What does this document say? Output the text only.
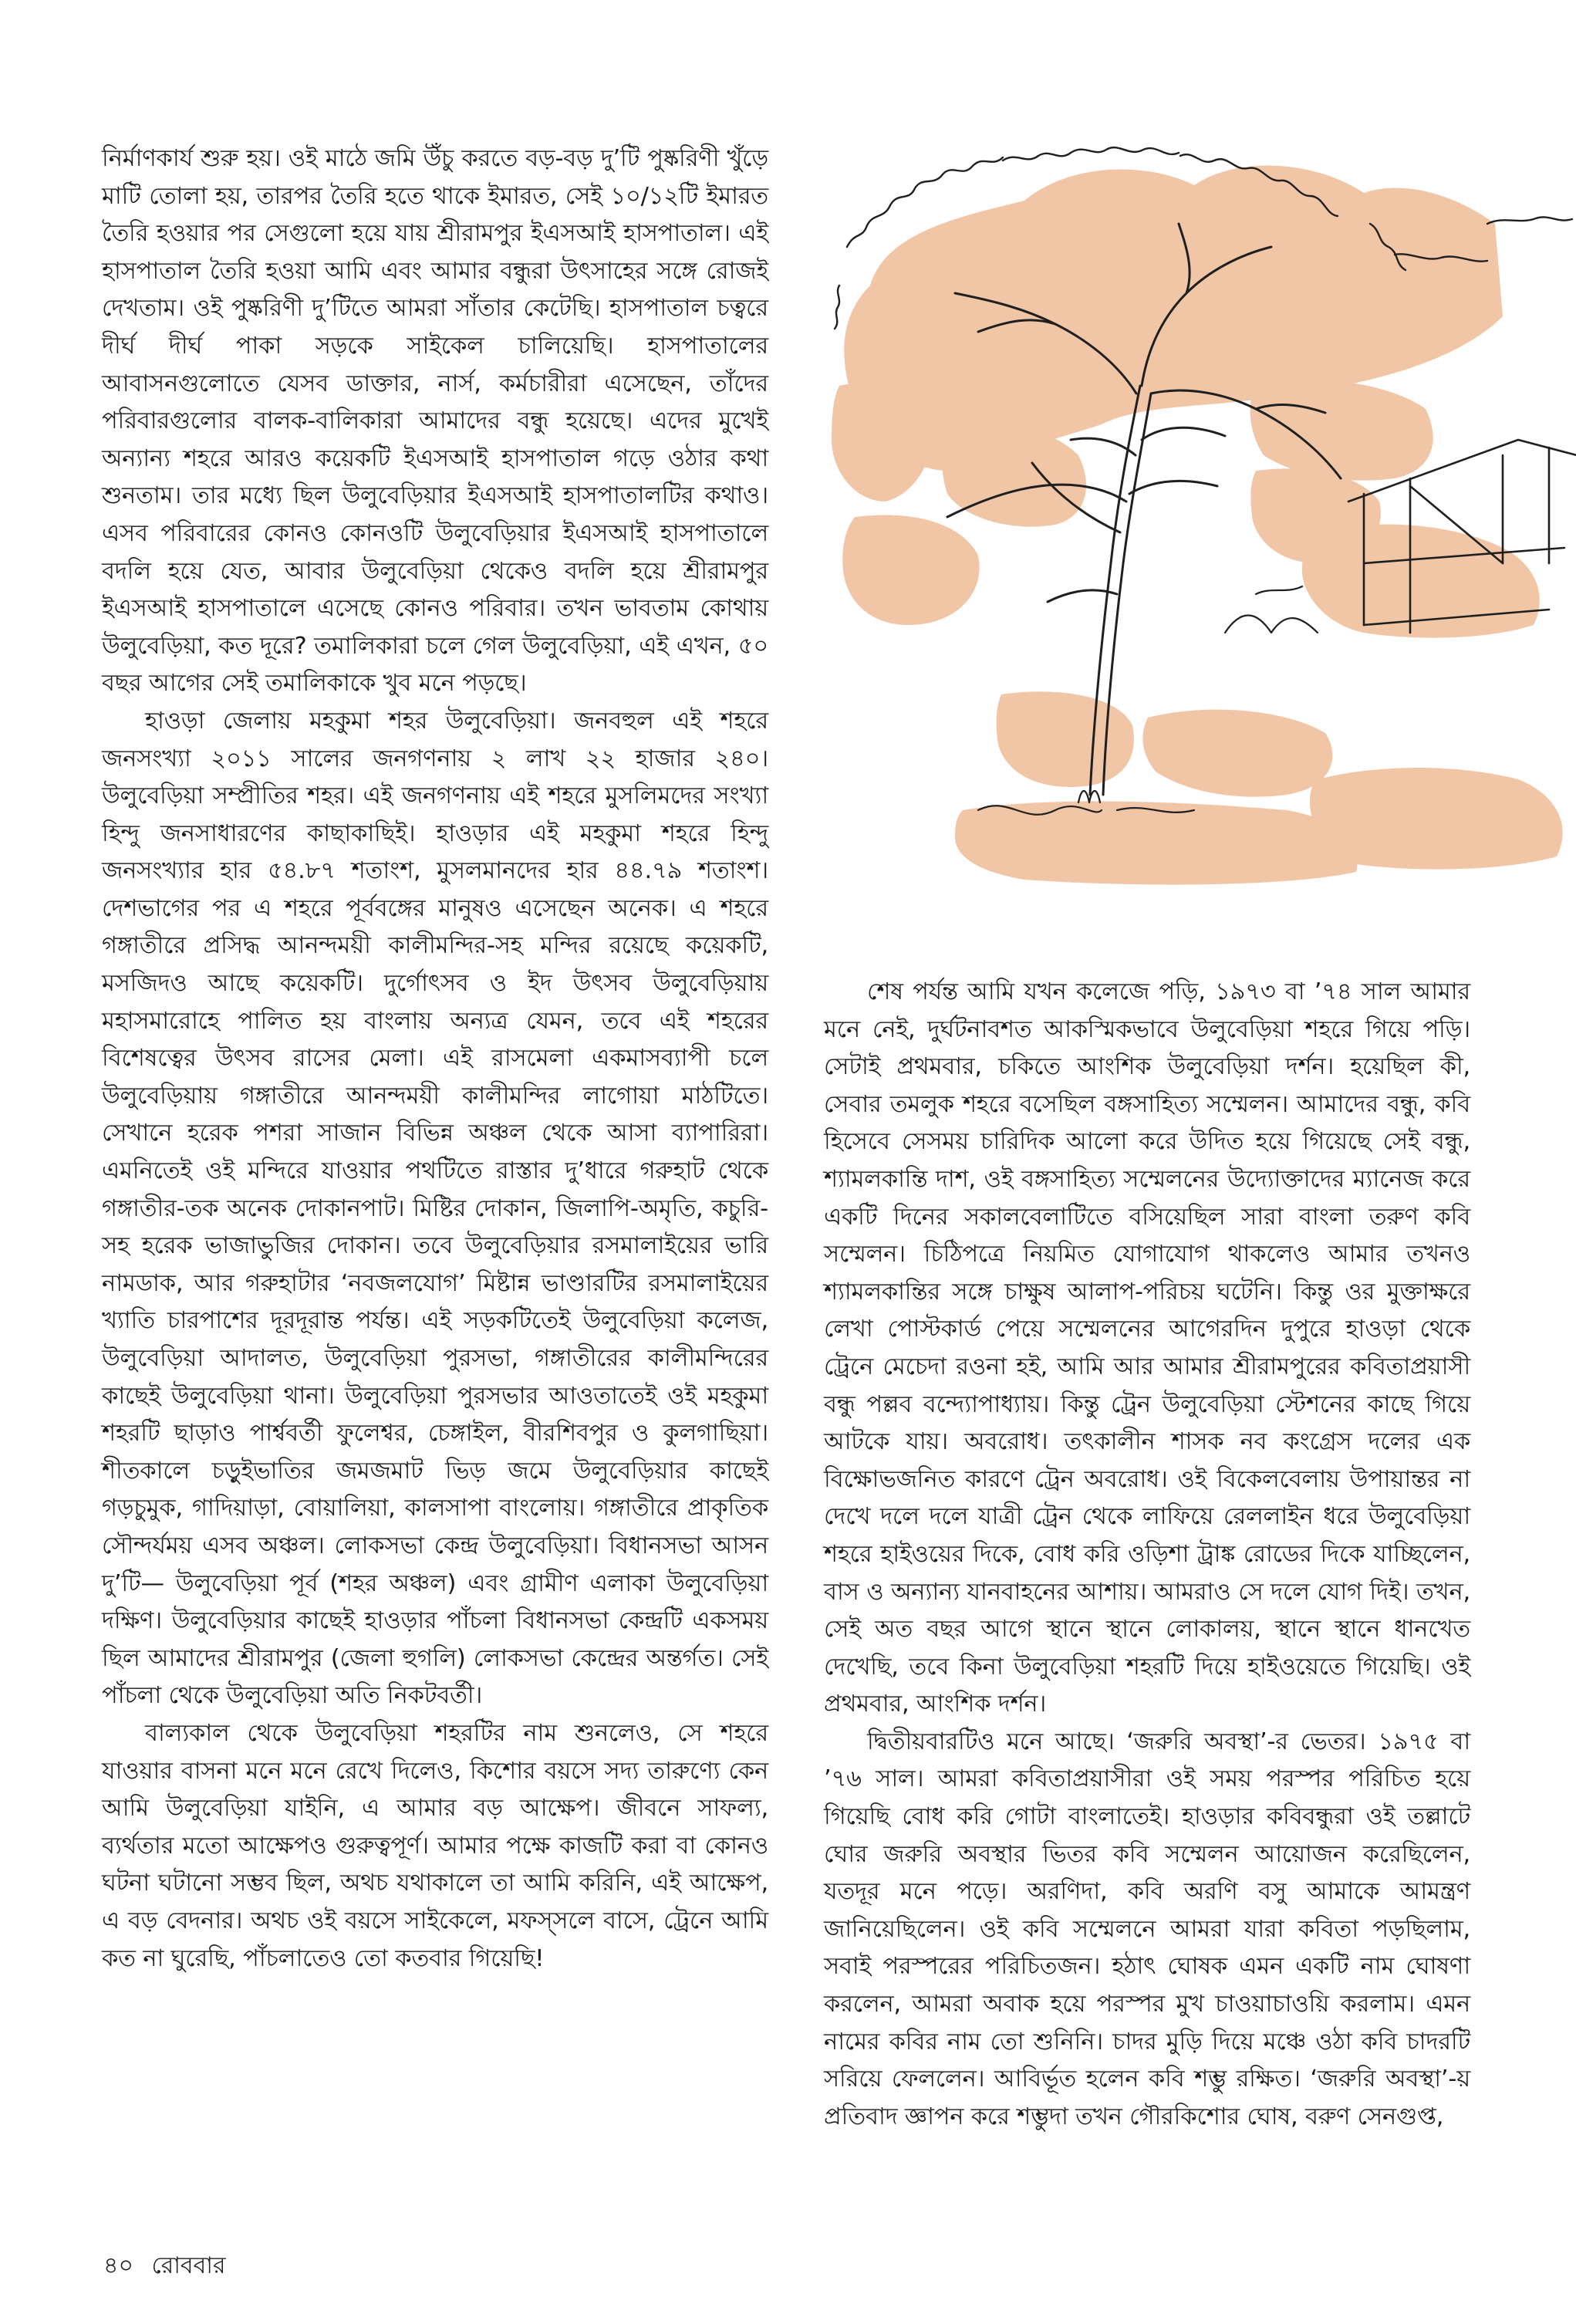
নির্মাণকার্য শুরু হয়। ওই মাঠে জমি উঁচু করতে বড়-বড় দু’টি পুষ্করিণী খুঁড়ে মাটি তোলা হয়, তারপর তৈরি হতে থাকে ইমারত, সেই ১০/১২টি ইমারত তৈরি হওয়ার পর সেগুলো হয়ে যায় শ্রীরামপুর ইএসআই হাসপাতাল। এই হাসপাতাল তৈরি হওয়া আমি এবং আমার বন্ধুরা উৎসাহের সঙ্গে রোজই দেখতাম। ওই পুষ্করিণী দু’টিতে আমরা সাঁতার কেটেছি। হাসপাতাল চত্বরে দীর্ঘ দীর্ঘ পাকা সড়কে সাইকেল চালিয়েছি। হাসপাতালের আবাসনগুলোতে যেসব ডাক্তার, নার্স, কর্মচারীরা এসেছেন, তাঁদের পরিবারগুলোর বালক-বালিকারা আমাদের বন্ধু হয়েছে। এদের মুখেই অন্যান্য শহরে আরও কয়েকটি ইএসআই হাসপাতাল গড়ে ওঠার কথা শুনতাম। তার মধ্যে ছিল উলুবেড়িয়ার ইএসআই হাসপাতালটির কথাও। এসব পরিবারের কোনও কোনওটি উলুবেড়িয়ার ইএসআই হাসপাতালে বদলি হয়ে যেত, আবার উলুবেড়িয়া থেকেও বদলি হয়ে শ্রীরামপুর ইএসআই হাসপাতালে এসেছে কোনও পরিবার। তখন ভাবতাম কোথায় উলুবেড়িয়া, কত দূরে? তমালিকারা চলে গেল উলুবেড়িয়া, এই এখন, ৫০ বছর আগের সেই তমালিকাকে খুব মনে পড়ছে।

হাওড়া জেলায় মহকুমা শহর উলুবেড়িয়া। জনবহুল এই শহরে জনসংখ্যা ২০১১ সালের জনগণনায় ২ লাখ ২২ হাজার ২৪০। উলুবেড়িয়া সম্প্রীতির শহর। এই জনগণনায় এই শহরে মুসলিমদের সংখ্যা হিন্দু জনসাধারণের কাছাকাছিই। হাওড়ার এই মহকুমা শহরে হিন্দু জনসংখ্যার হার ৫৪.৮৭ শতাংশ, মুসলমানদের হার ৪৪.৭৯ শতাংশ। দেশভাগের পর এ শহরে পূর্ববঙ্গের মানুষও এসেছেন অনেক। এ শহরে গঙ্গাতীরে প্রসিদ্ধ আনন্দময়ী কালীমন্দির-সহ মন্দির রয়েছে কয়েকটি, মসজিদও আছে কয়েকটি। দুর্গোৎসব ও ইদ উৎসব উলুবেড়িয়ায় মহাসমারোহে পালিত হয় বাংলায় অন্যত্র যেমন, তবে এই শহরের বিশেষত্বের উৎসব রাসের মেলা। এই রাসমেলা একমাসব্যাপী চলে উলুবেড়িয়ায় গঙ্গাতীরে আনন্দময়ী কালীমন্দির লাগোয়া মাঠটিতে। সেখানে হরেক পশরা সাজান বিভিন্ন অঞ্চল থেকে আসা ব্যাপারিরা। এমনিতেই ওই মন্দিরে যাওয়ার পথটিতে রাস্তার দু’ধারে গরুহাট থেকে গঙ্গাতীর-তক অনেক দোকানপাট। মিষ্টির দোকান, জিলাপি-অমৃতি, কচুরি-সহ হরেক ভাজাভুজির দোকান। তবে উলুবেড়িয়ার রসমালাইয়ের ভারি নামডাক, আর গরুহাটার ‘নবজলযোগ’ মিষ্টান্ন ভাণ্ডারটির রসমালাইয়ের খ্যাতি চারপাশের দূরদূরান্ত পর্যন্ত। এই সড়কটিতেই উলুবেড়িয়া কলেজ, উলুবেড়িয়া আদালত, উলুবেড়িয়া পুরসভা, গঙ্গাতীরের কালীমন্দিরের কাছেই উলুবেড়িয়া থানা। উলুবেড়িয়া পুরসভার আওতাতেই ওই মহকুমা শহরটি ছাড়াও পার্শ্ববর্তী ফুলেশ্বর, চেঙ্গাইল, বীরশিবপুর ও কুলগাছিয়া। শীতকালে চড়ুইভাতির জমজমাট ভিড় জমে উলুবেড়িয়ার কাছেই গড়চুমুক, গাদিয়াড়া, বোয়ালিয়া, কালসাপা বাংলোয়। গঙ্গাতীরে প্রাকৃতিক সৌন্দর্যময় এসব অঞ্চল। লোকসভা কেন্দ্র উলুবেড়িয়া। বিধানসভা আসন দু’টি— উলুবেড়িয়া পূর্ব (শহর অঞ্চল) এবং গ্রামীণ এলাকা উলুবেড়িয়া দক্ষিণ। উলুবেড়িয়ার কাছেই হাওড়ার পাঁচলা বিধানসভা কেন্দ্রটি একসময় ছিল আমাদের শ্রীরামপুর (জেলা হুগলি) লোকসভা কেন্দ্রের অন্তর্গত। সেই পাঁচলা থেকে উলুবেড়িয়া অতি নিকটবর্তী।

বাল্যকাল থেকে উলুবেড়িয়া শহরটির নাম শুনলেও, সে শহরে যাওয়ার বাসনা মনে মনে রেখে দিলেও, কিশোর বয়সে সদ্য তারুণ্যে কেন আমি উলুবেড়িয়া যাইনি, এ আমার বড় আক্ষেপ। জীবনে সাফল্য, ব্যর্থতার মতো আক্ষেপও গুরুত্বপূর্ণ। আমার পক্ষে কাজটি করা বা কোনও ঘটনা ঘটানো সম্ভব ছিল, অথচ যথাকালে তা আমি করিনি, এই আক্ষেপ, এ বড় বেদনার। অথচ ওই বয়সে সাইকেলে, মফস্সলে বাসে, ট্রেনে আমি কত না ঘুরেছি, পাঁচলাতেও তো কতবার গিয়েছি!

শেষ পর্যন্ত আমি যখন কলেজে পড়ি, ১৯৭৩ বা ’৭৪ সাল আমার মনে নেই, দুর্ঘটনাবশত আকস্মিকভাবে উলুবেড়িয়া শহরে গিয়ে পড়ি। সেটাই প্রথমবার, চকিতে আংশিক উলুবেড়িয়া দর্শন। হয়েছিল কী, সেবার তমলুক শহরে বসেছিল বঙ্গসাহিত্য সম্মেলন। আমাদের বন্ধু, কবি হিসেবে সেসময় চারিদিক আলো করে উদিত হয়ে গিয়েছে সেই বন্ধু, শ্যামলকান্তি দাশ, ওই বঙ্গসাহিত্য সম্মেলনের উদ্যোক্তাদের ম্যানেজ করে একটি দিনের সকালবেলাটিতে বসিয়েছিল সারা বাংলা তরুণ কবি সম্মেলন। চিঠিপত্রে নিয়মিত যোগাযোগ থাকলেও আমার তখনও শ্যামলকান্তির সঙ্গে চাক্ষুষ আলাপ-পরিচয় ঘটেনি। কিন্তু ওর মুক্তাক্ষরে লেখা পোস্টকার্ড পেয়ে সম্মেলনের আগেরদিন দুপুরে হাওড়া থেকে ট্রেনে মেচেদা রওনা হই, আমি আর আমার শ্রীরামপুরের কবিতাপ্রয়াসী বন্ধু পল্লব বন্দ্যোপাধ্যায়। কিন্তু ট্রেন উলুবেড়িয়া স্টেশনের কাছে গিয়ে আটকে যায়। অবরোধ। তৎকালীন শাসক নব কংগ্রেস দলের এক বিক্ষোভজনিত কারণে ট্রেন অবরোধ। ওই বিকেলবেলায় উপায়ান্তর না দেখে দলে দলে যাত্রী ট্রেন থেকে লাফিয়ে রেললাইন ধরে উলুবেড়িয়া শহরে হাইওয়ের দিকে, বোধ করি ওড়িশা ট্রাঙ্ক রোডের দিকে যাচ্ছিলেন, বাস ও অন্যান্য যানবাহনের আশায়। আমরাও সে দলে যোগ দিই। তখন, সেই অত বছর আগে স্থানে স্থানে লোকালয়, স্থানে স্থানে ধানখেত দেখেছি, তবে কিনা উলুবেড়িয়া শহরটি দিয়ে হাইওয়েতে গিয়েছি। ওই প্রথমবার, আংশিক দর্শন।

দ্বিতীয়বারটিও মনে আছে। ‘জরুরি অবস্থা’-র ভেতর। ১৯৭৫ বা ’৭৬ সাল। আমরা কবিতাপ্রয়াসীরা ওই সময় পরস্পর পরিচিত হয়ে গিয়েছি বোধ করি গোটা বাংলাতেই। হাওড়ার কবিবন্ধুরা ওই তল্লাটে ঘোর জরুরি অবস্থার ভিতর কবি সম্মেলন আয়োজন করেছিলেন, যতদূর মনে পড়ে। অরণিদা, কবি অরণি বসু আমাকে আমন্ত্রণ জানিয়েছিলেন। ওই কবি সম্মেলনে আমরা যারা কবিতা পড়ছিলাম, সবাই পরস্পরের পরিচিতজন। হঠাৎ ঘোষক এমন একটি নাম ঘোষণা করলেন, আমরা অবাক হয়ে পরস্পর মুখ চাওয়াচাওয়ি করলাম। এমন নামের কবির নাম তো শুনিনি। চাদর মুড়ি দিয়ে মঞ্চে ওঠা কবি চাদরটি সরিয়ে ফেললেন। আবির্ভূত হলেন কবি শম্ভু রক্ষিত। ‘জরুরি অবস্থা’-য় প্রতিবাদ জ্ঞাপন করে শম্ভুদা তখন গৌরকিশোর ঘোষ, বরুণ সেনগুপ্ত,

৪০ রোববার
